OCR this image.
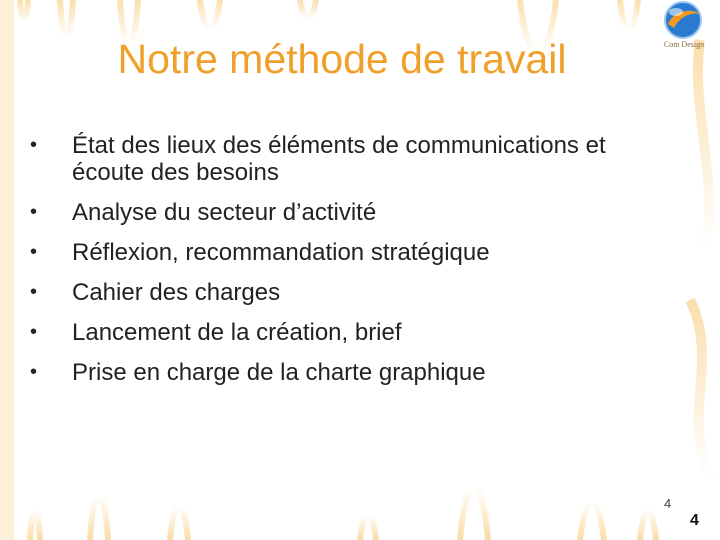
Com Design
Notre méthode de travail
• État des lieux des éléments de communications et écoute des besoins
• Analyse du secteur d’activité
• Réflexion, recommandation stratégique
• Cahier des charges
• Lancement de la création, brief
• Prise en charge de la charte graphique
4
4
